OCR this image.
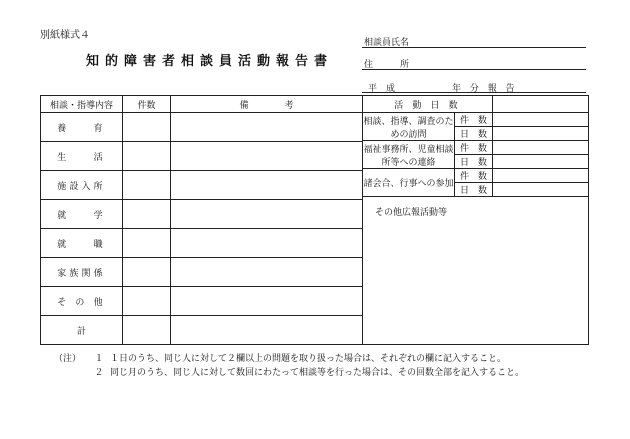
別紙様式４
知的障害者相談員活動報告書
相談員氏名
住　　　所
平　成	年 分 報 告
相談・指導内容	件数	備　　　　考
養　　育		
生　　活		
施設入所		
就　　学		
就　　職		
家族関係		
そ の 他		
計		
活 動 日 数		
相談、指導、調査のための訪問	件　数	
	日　数	
福祉事務所、児童相談所等への連絡	件　数	
	日　数	
諸会合、行事への参加	件　数	
	日　数	
その他広報活動等		
（注）	１ １日のうち、同じ人に対して２欄以上の問題を取り扱った場合は、それぞれの欄に記入すること。
２ 同じ月のうち、同じ人に対して数回にわたって相談等を行った場合は、その回数全部を記入すること。
